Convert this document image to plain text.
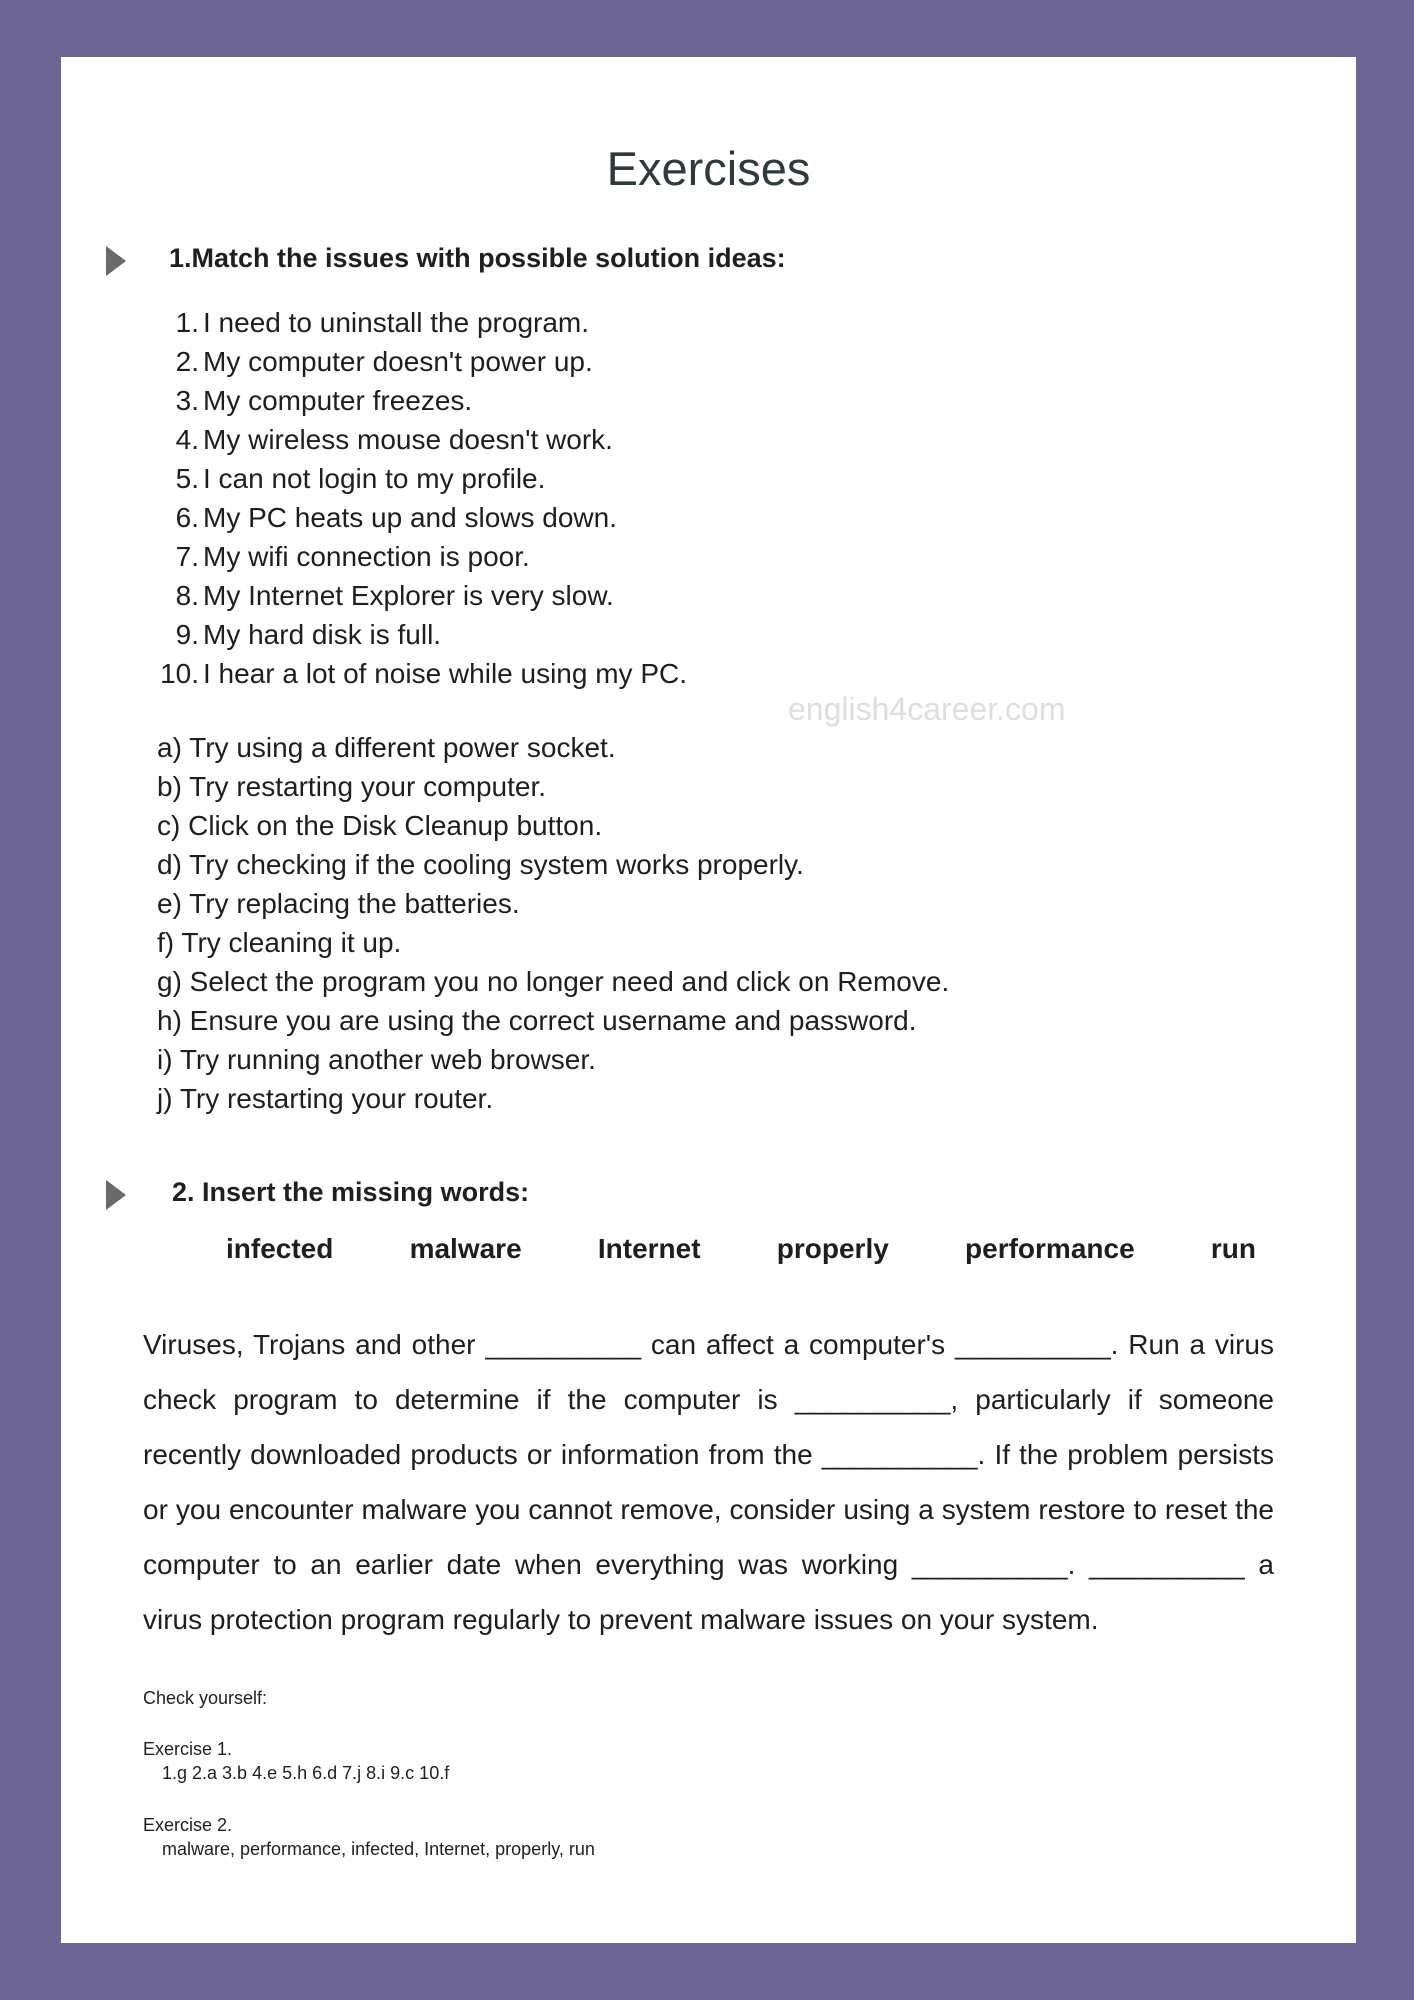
Exercises
1.Match the issues with possible solution ideas:
1. I need to uninstall the program.
2. My computer doesn't power up.
3. My computer freezes.
4. My wireless mouse doesn't work.
5. I can not login to my profile.
6. My PC heats up and slows down.
7. My wifi connection is poor.
8. My Internet Explorer is very slow.
9. My hard disk is full.
10. I hear a lot of noise while using my PC.
english4career.com
a) Try using a different power socket.
b) Try restarting your computer.
c) Click on the Disk Cleanup button.
d) Try checking if the cooling system works properly.
e) Try replacing the batteries.
f) Try cleaning it up.
g) Select the program you no longer need and click on Remove.
h) Ensure you are using the correct username and password.
i) Try running another web browser.
j) Try restarting your router.
2. Insert the missing words:
infected	malware	Internet	properly	performance	run

Viruses, Trojans and other __________ can affect a computer's __________. Run a virus check program to determine if the computer is __________, particularly if someone recently downloaded products or information from the __________. If the problem persists or you encounter malware you cannot remove, consider using a system restore to reset the computer to an earlier date when everything was working __________. __________ a virus protection program regularly to prevent malware issues on your system.

Check yourself:
Exercise 1.
1.g 2.a 3.b 4.e 5.h 6.d 7.j 8.i 9.c 10.f
Exercise 2.
malware, performance, infected, Internet, properly, run
